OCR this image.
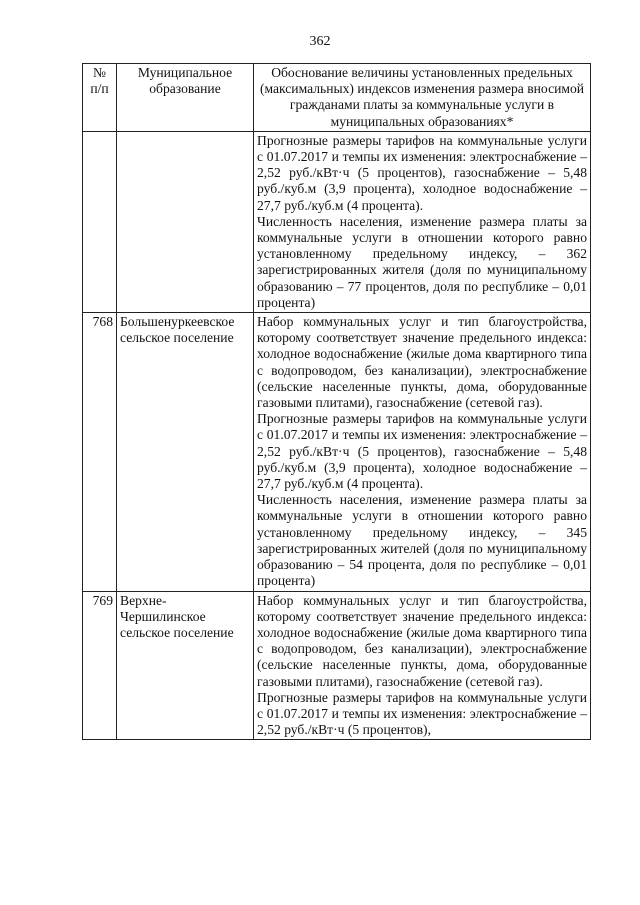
362
№ п/п	Муниципальное образование	Обоснование величины установленных предельных (максимальных) индексов изменения размера вносимой гражданами платы за коммунальные услуги в муниципальных образованиях*

		Прогнозные размеры тарифов на коммунальные услуги с 01.07.2017 и темпы их изменения: электроснабжение – 2,52 руб./кВт·ч (5 процентов), газоснабжение – 5,48 руб./куб.м (3,9 процента), холодное водоснабжение – 27,7 руб./куб.м (4 процента).

Численность населения, изменение размера платы за коммунальные услуги в отношении которого равно установленному предельному индексу, – 362 зарегистрированных жителя (доля по муниципальному образованию – 77 процентов, доля по республике – 0,01 процента)

768	Большенуркеевское сельское поселение	Набор коммунальных услуг и тип благоустройства, которому соответствует значение предельного индекса: холодное водоснабжение (жилые дома квартирного типа с водопроводом, без канализации), электроснабжение (сельские населенные пункты, дома, оборудованные газовыми плитами), газоснабжение (сетевой газ).

Прогнозные размеры тарифов на коммунальные услуги с 01.07.2017 и темпы их изменения: электроснабжение – 2,52 руб./кВт·ч (5 процентов), газоснабжение – 5,48 руб./куб.м (3,9 процента), холодное водоснабжение – 27,7 руб./куб.м (4 процента).

Численность населения, изменение размера платы за коммунальные услуги в отношении которого равно установленному предельному индексу, – 345 зарегистрированных жителей (доля по муниципальному образованию – 54 процента, доля по республике – 0,01 процента)

769	Верхне-Чершилинское сельское поселение	Набор коммунальных услуг и тип благоустройства, которому соответствует значение предельного индекса: холодное водоснабжение (жилые дома квартирного типа с водопроводом, без канализации), электроснабжение (сельские населенные пункты, дома, оборудованные газовыми плитами), газоснабжение (сетевой газ).

Прогнозные размеры тарифов на коммунальные услуги с 01.07.2017 и темпы их изменения: электроснабжение – 2,52 руб./кВт·ч (5 процентов),
